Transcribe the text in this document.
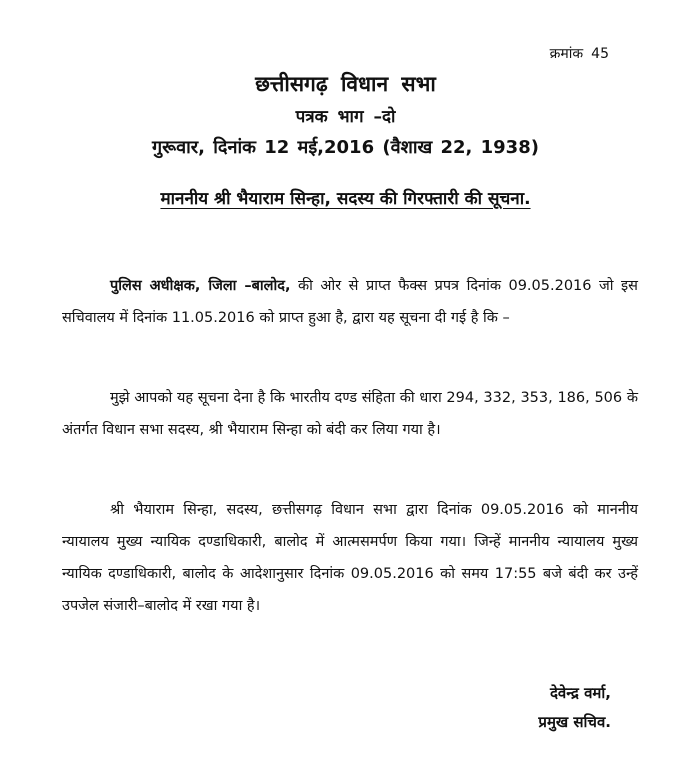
क्रमांक 45
छत्तीसगढ़ विधान सभा
पत्रक भाग –दो
गुरूवार, दिनांक 12 मई,2016 (वैशाख 22, 1938)
माननीय श्री भैयाराम सिन्हा, सदस्य की गिरफ्तारी की सूचना.
पुलिस अधीक्षक, जिला –बालोद, की ओर से प्राप्त फैक्स प्रपत्र दिनांक 09.05.2016 जो इस सचिवालय में दिनांक 11.05.2016 को प्राप्त हुआ है, द्वारा यह सूचना दी गई है कि –
मुझे आपको यह सूचना देना है कि भारतीय दण्ड संहिता की धारा 294, 332, 353, 186, 506 के अंतर्गत विधान सभा सदस्य, श्री भैयाराम सिन्हा को बंदी कर लिया गया है।
श्री भैयाराम सिन्हा, सदस्य, छत्तीसगढ़ विधान सभा द्वारा दिनांक 09.05.2016 को माननीय न्यायालय मुख्य न्यायिक दण्डाधिकारी, बालोद में आत्मसमर्पण किया गया। जिन्हें माननीय न्यायालय मुख्य न्यायिक दण्डाधिकारी, बालोद के आदेशानुसार दिनांक 09.05.2016 को समय 17:55 बजे बंदी कर उन्हें उपजेल संजारी–बालोद में रखा गया है।
देवेन्द्र वर्मा,
प्रमुख सचिव.
